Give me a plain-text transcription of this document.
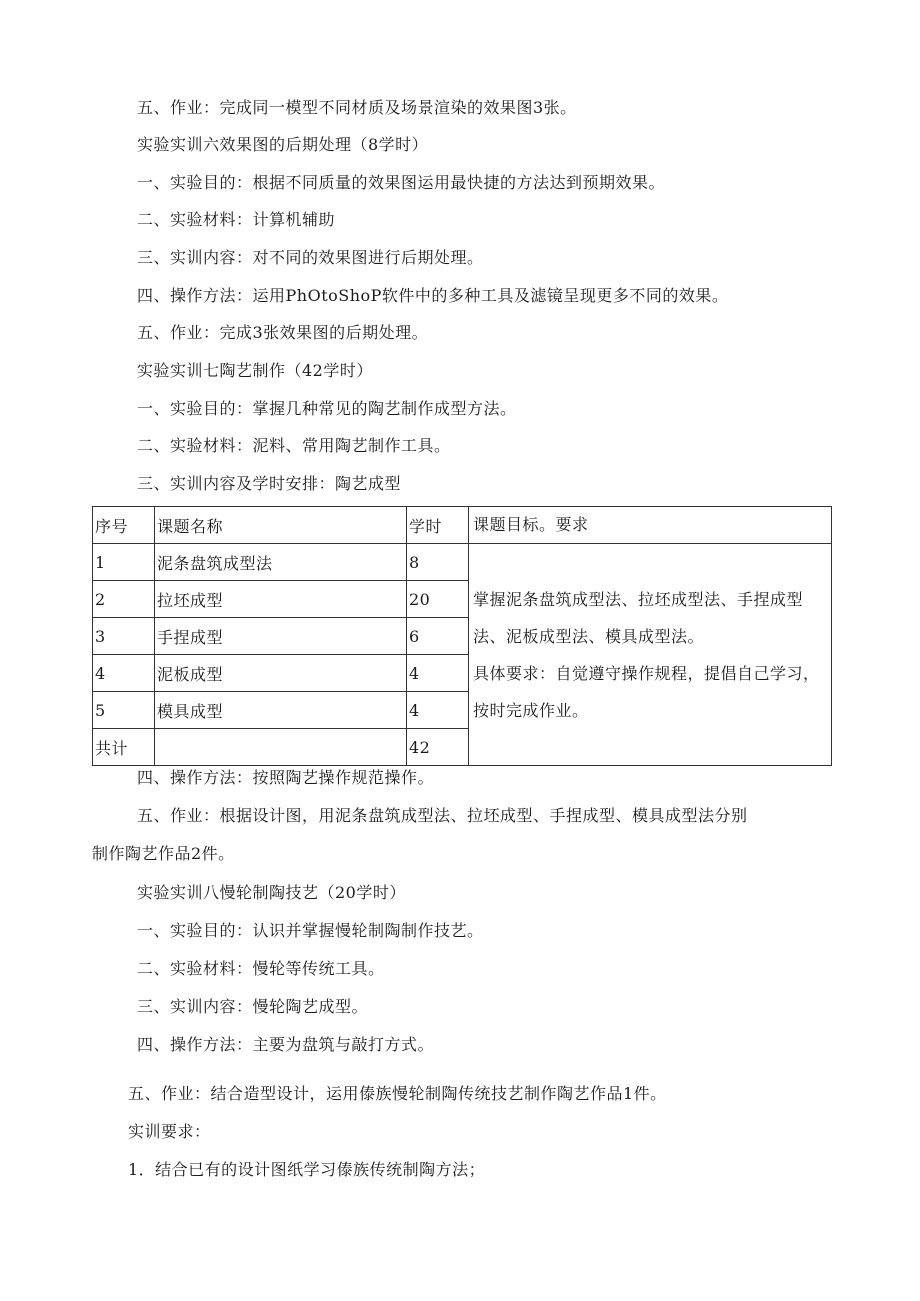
五、作业：完成同一模型不同材质及场景渲染的效果图3张。
实验实训六效果图的后期处理（8学时）
一、实验目的：根据不同质量的效果图运用最快捷的方法达到预期效果。
二、实验材料：计算机辅助
三、实训内容：对不同的效果图进行后期处理。
四、操作方法：运用PhOtoShoP软件中的多种工具及滤镜呈现更多不同的效果。
五、作业：完成3张效果图的后期处理。
实验实训七陶艺制作（42学时）
一、实验目的：掌握几种常见的陶艺制作成型方法。
二、实验材料：泥料、常用陶艺制作工具。
三、实训内容及学时安排：陶艺成型
序号	课题名称	学时	课题目标。要求
1	泥条盘筑成型法	8	掌握泥条盘筑成型法、拉坯成型法、手捏成型
法、泥板成型法、模具成型法。
具体要求：自觉遵守操作规程，提倡自己学习，
按时完成作业。

2	拉坯成型	20	
3	手捏成型	6	
4	泥板成型	4	
5	模具成型	4	
共计		42	
四、操作方法：按照陶艺操作规范操作。
五、作业：根据设计图，用泥条盘筑成型法、拉坯成型、手捏成型、模具成型法分别
制作陶艺作品2件。
实验实训八慢轮制陶技艺（20学时）
一、实验目的：认识并掌握慢轮制陶制作技艺。
二、实验材料：慢轮等传统工具。
三、实训内容：慢轮陶艺成型。
四、操作方法：主要为盘筑与敲打方式。
五、作业：结合造型设计，运用傣族慢轮制陶传统技艺制作陶艺作品1件。
实训要求：
1．结合已有的设计图纸学习傣族传统制陶方法；
